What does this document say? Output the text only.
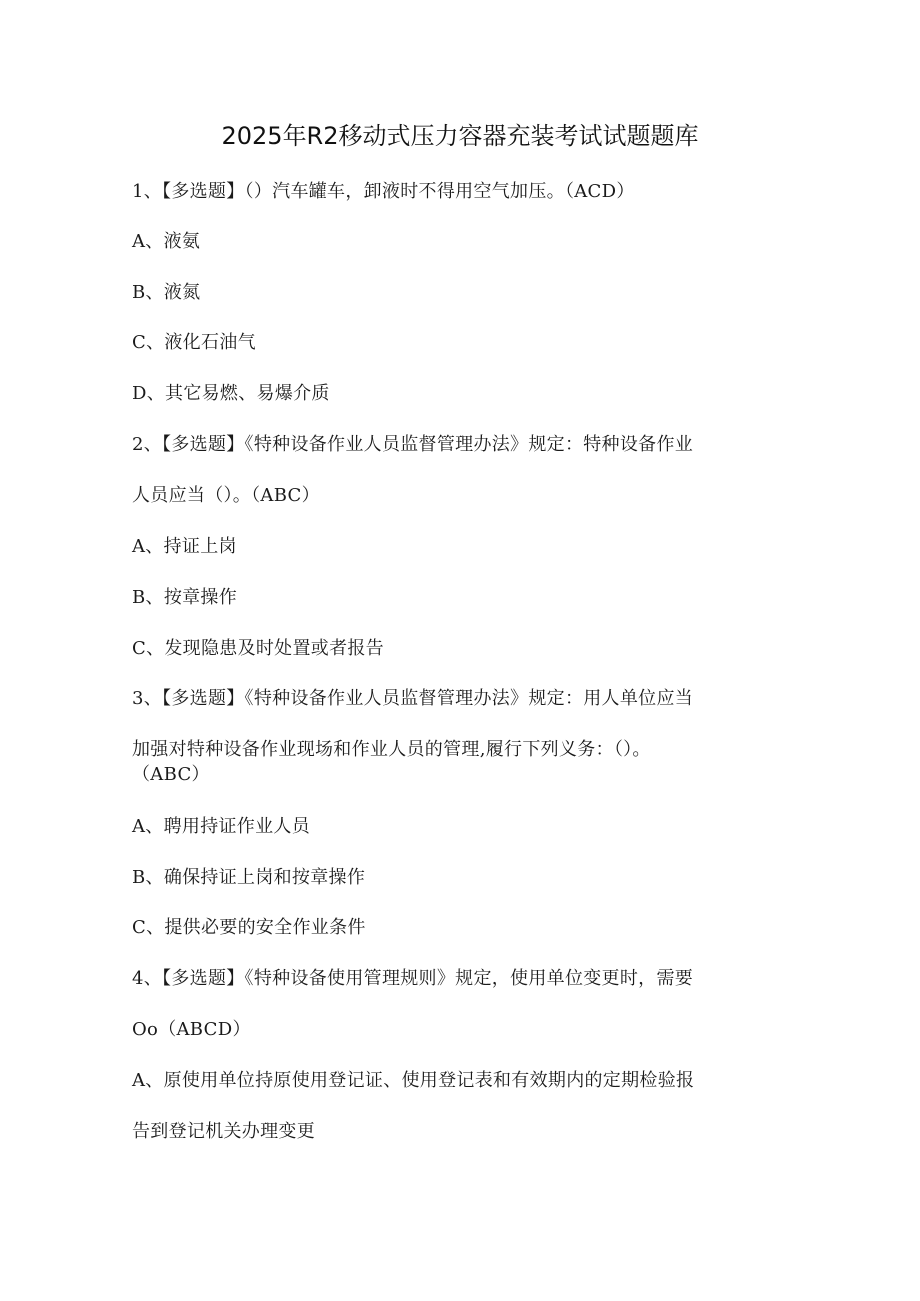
2025年R2移动式压力容器充装考试试题题库
1、【多选题】（）汽车罐车，卸液时不得用空气加压。（ACD）
A、液氨
B、液氮
C、液化石油气
D、其它易燃、易爆介质
2、【多选题】《特种设备作业人员监督管理办法》规定：特种设备作业
人员应当（）。（ABC）
A、持证上岗
B、按章操作
C、发现隐患及时处置或者报告
3、【多选题】《特种设备作业人员监督管理办法》规定：用人单位应当
加强对特种设备作业现场和作业人员的管理,履行下列义务：（）。
（ABC）
A、聘用持证作业人员
B、确保持证上岗和按章操作
C、提供必要的安全作业条件
4、【多选题】《特种设备使用管理规则》规定，使用单位变更时，需要
Oo（ABCD）
A、原使用单位持原使用登记证、使用登记表和有效期内的定期检验报
告到登记机关办理变更
